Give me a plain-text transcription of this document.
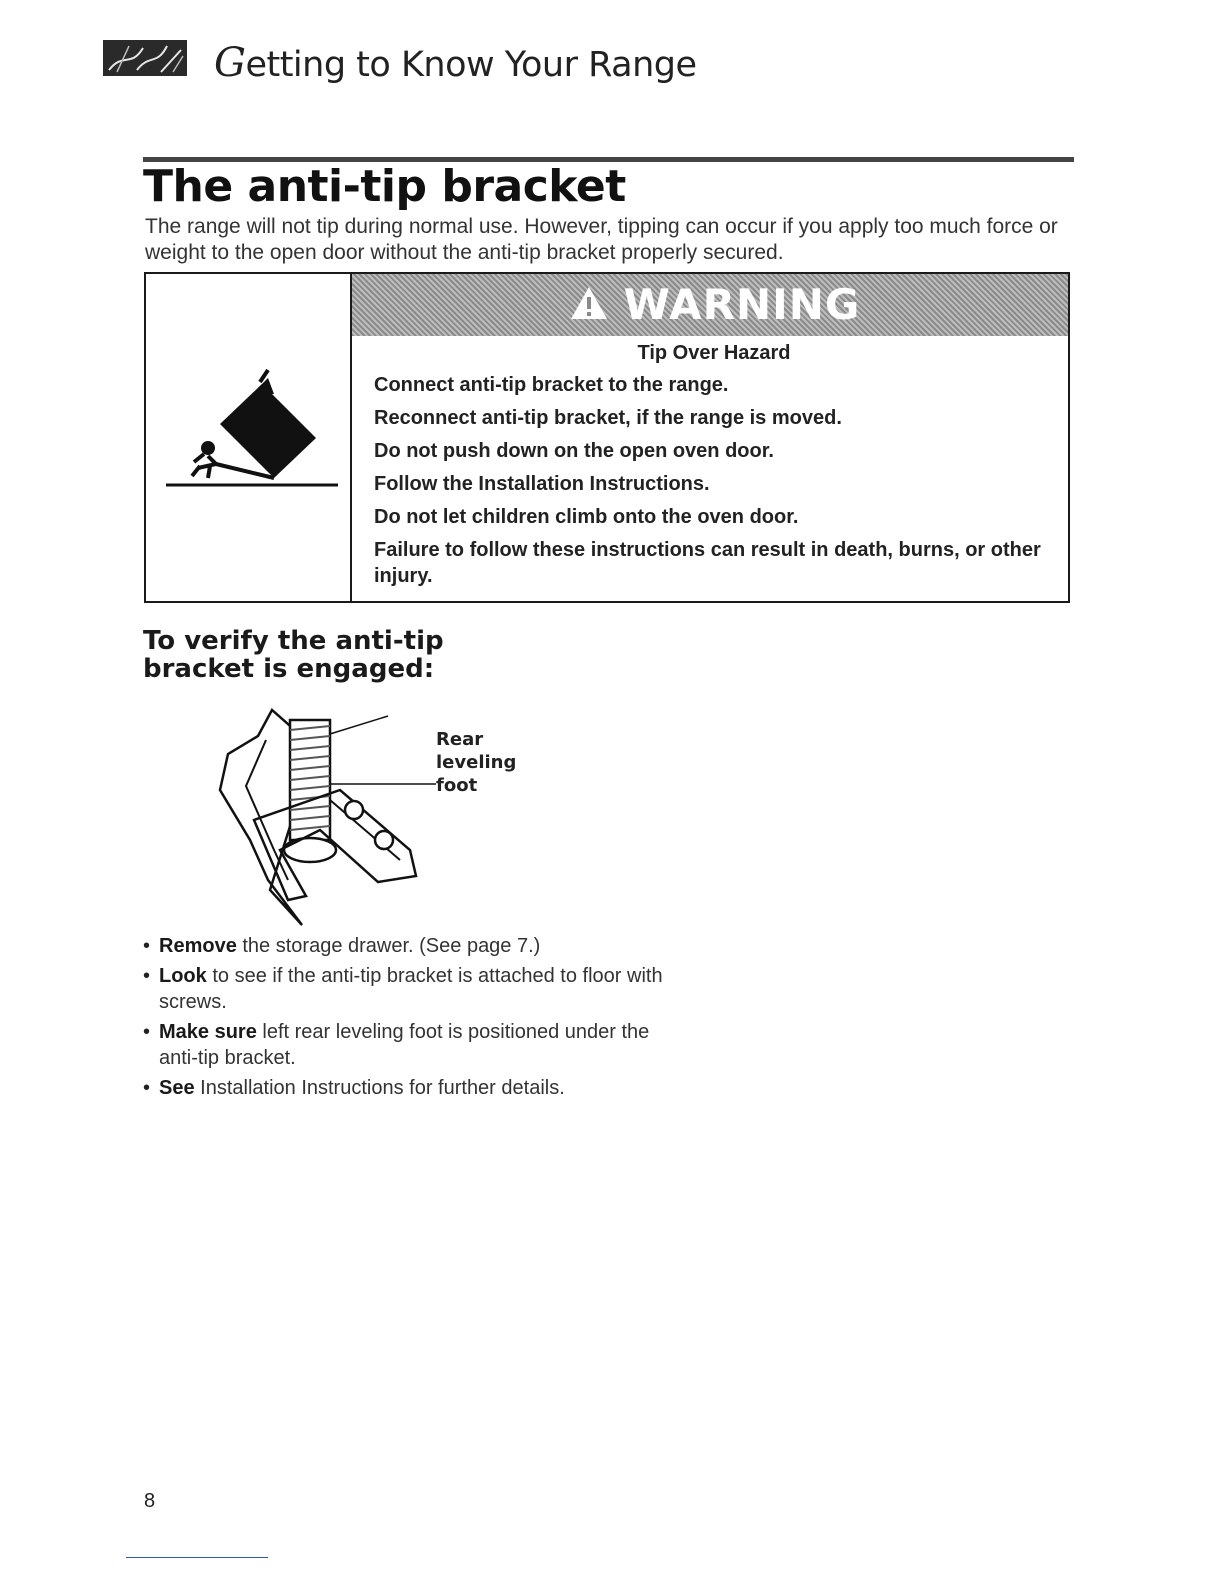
Getting to Know Your Range
The anti-tip bracket
The range will not tip during normal use. However, tipping can occur if you apply too much force or weight to the open door without the anti-tip bracket properly secured.
WARNING
Tip Over Hazard
Connect anti-tip bracket to the range.
Reconnect anti-tip bracket, if the range is moved.
Do not push down on the open oven door.
Follow the Installation Instructions.
Do not let children climb onto the oven door.
Failure to follow these instructions can result in death, burns, or other injury.
To verify the anti-tip bracket is engaged:
Rear
leveling
foot
• Remove the storage drawer. (See page 7.)
• Look to see if the anti-tip bracket is attached to floor with screws.
• Make sure left rear leveling foot is positioned under the anti-tip bracket.
• See Installation Instructions for further details.
8
